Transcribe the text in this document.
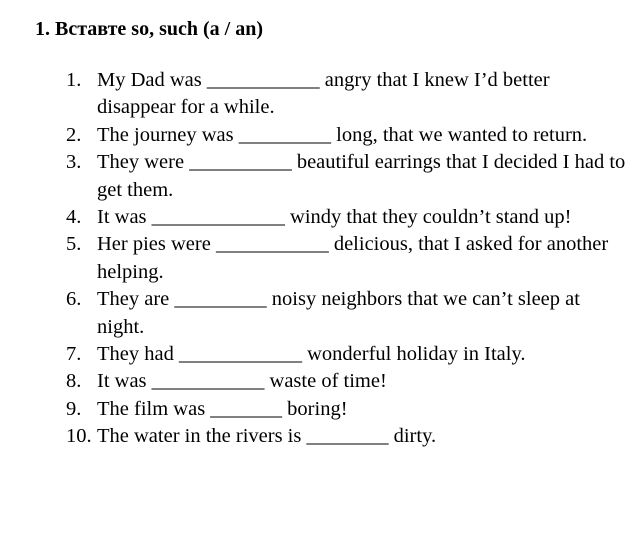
1. Вставте so, such (a / an)
1. My Dad was ___________ angry that I knew I’d better disappear for a while.
2. The journey was _________ long, that we wanted to return.
3. They were __________ beautiful earrings that I decided I had to get them.
4. It was _____________ windy that they couldn’t stand up!
5. Her pies were ___________ delicious, that I asked for another helping.
6. They are _________ noisy neighbors that we can’t sleep at night.
7. They had ____________ wonderful holiday in Italy.
8. It was ___________ waste of time!
9. The film was _______ boring!
10. The water in the rivers is ________ dirty.
